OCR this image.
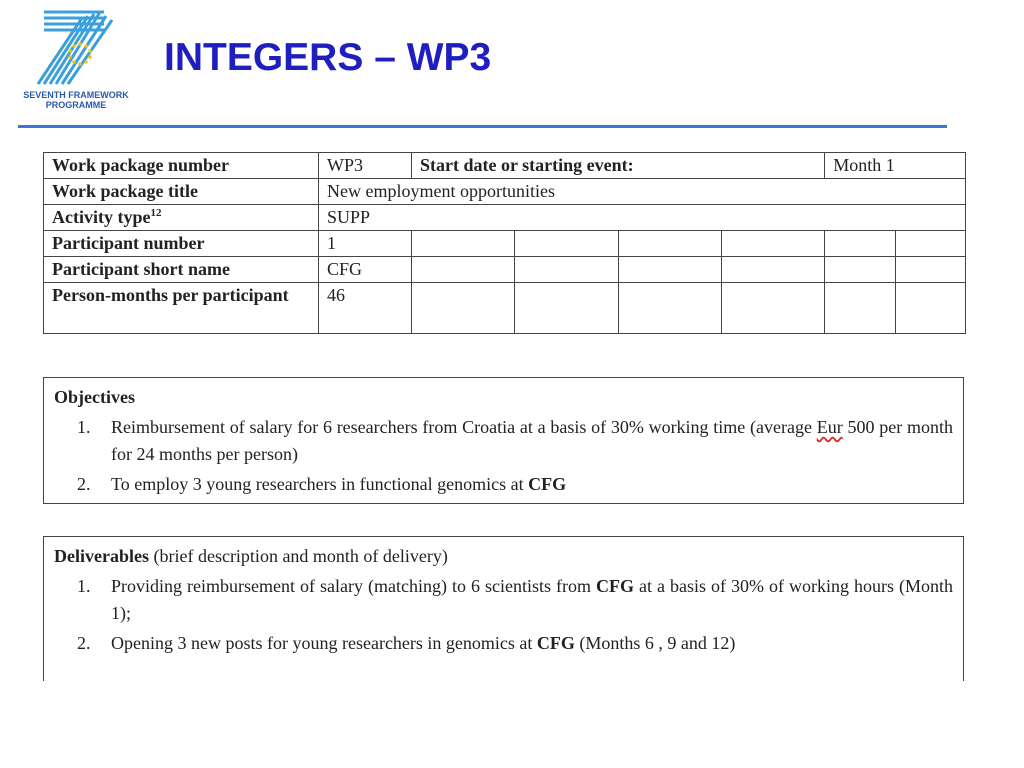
SEVENTH FRAMEWORK
PROGRAMME
INTEGERS – WP3
Work package number	WP3	Start date or starting event:				Month 1	
Work package title	New employment opportunities						
Activity type$^{12}$	SUPP						
Participant number	1						
Participant short name	CFG						
Person-months per participant	46						
Objectives
1. Reimbursement of salary for 6 researchers from Croatia at a basis of 30% working time (average Eur 500 per month for 24 months per person)
2. To employ 3 young researchers in functional genomics at CFG
Deliverables (brief description and month of delivery)
1. Providing reimbursement of salary (matching) to 6 scientists from CFG at a basis of 30% of working hours (Month 1);
2. Opening 3 new posts for young researchers in genomics at CFG (Months 6 , 9 and 12)
